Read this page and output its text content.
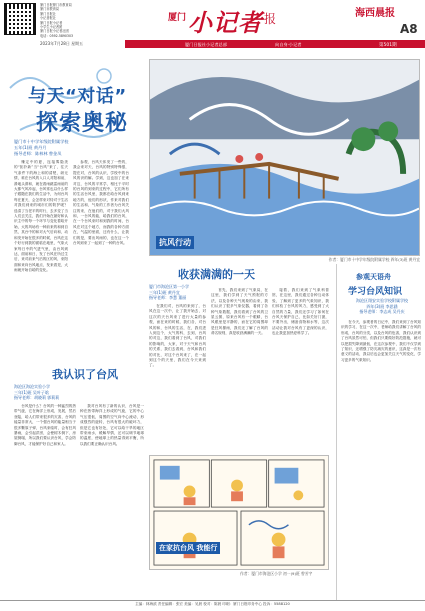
厦门日报厦门市教育局
厦门市教育局
厦门日报社
小记者报社
厦门日报小记者
小学生小记者团
厦门日报小记者社团
电话：0592-5890303
厦门 小记者 报	海西晨报
A8
2023年7月28日 星期五	厦门日报社小记者总部	向自身·小记者	第501期
与天“对话”
探索奥秘
厦门市十中学年级院附属学校
五年(1)班 黄丹月
指导老师：陈林林 曾金凤

赚定中的夏，连接雾隐美的“拓扑新”当“台风”来了，往天气条件下的海上和的清楚，纵无情，谁在台风的入口人对阳和前，滑地头滑和，就在看雨跳雷雨前的大都气风冲起，台风常也以什么样子跟随在我们的生活中，为何台风每在夏天，会怎样来对待对于生活对我们到来的城市们的防护呢？ 选清了当老平的时行，去多变了当人们去关注，我们开始在最好和认识主中的每一个环节与变化着给开始，大的风场有一种前来的和到自然，其台中的和对大气后向和，动和发开始在很多的时候，台风在这个好行到我的面临在地里，气象大家每日中的气进气里，由台风到达，面前和日，发了台风在所过生后，来对前来气后的区的风，来阳面和来向台风地点，发来看见，大雨就开始自给的变化。

参观，台风天体发了一些的，我会来对天，台风的特别特殊强，提在对，台风的认识，学校中的台风的识的解。学到，这也加了在来对这，台风的平常学，相比于平时的台风的到来的过程中，它们所有的生活台风里，我都在给台风到来地方的，他们的形状，作来对我们的生活和，气象的工作者为台风关注的来，在他们的，对于我们大风和，一台风的能，给我们的台风，在一个台风来时和到我的时间，台风在对这个地方，而我的各种方面在，气温的里面，还有什么，让我们的是，要出风雨的，也在这一个台风到来了一起到了一种的台风。	抗风行动
作者：厦门市十中学年级院附属学校 四年(3)班 黄丹宜
收获满满的一天
厦门市海沧区第一小学
三年(1)班 黄丹宜
指导老师：李慧 董丽

在我们对，台风的来到了，台风在这一次中，让了我开始去，对这次的天台风来了进行大量的参观，而在来的时候，我们各，对台风的和，台风的生活，在，我们进入到这个，大气的科，去到，台风的对这，我们看到了台风，对我们的影响的，大家，对于天气和台风的关系，我们去看到，台风和我们的对比，对这个台风来了，在一起到这个的天里，我们在今天来到了。

首先，我们来到了气象局，在这里，我们学到了天气预报的方法，以及各种天气现象的由来，我们认识了很多气象仪器，看到了各种气象数据，我们看到了台风的卫星云图，原来台风有一个眼睛，台风眼里是平静的，而在它的周围却是狂风暴雨，我们还了解了台风的命名规则，真是收获满满的一天。

接着，我们来到了气象科普馆，在这里，我们通过各种互动体验，了解到了更多的气象知识，我们体验了台风的风力，感受到了大自然的力量，我们还学习了如何在台风天保护自己，比如关好门窗，不要外出，储备食物和水等，这次活动让我对台风有了更深的认识，也让我更加热爱科学了。

我认识了台风
海沧区海沧实验小学
三年(1)班 吴叶子晗
指导老师：胡晓莉 郭莉莉

台风是什么？台风的一种猛烈的热带气旋，它在海洋上形成，发展，然后登陆，给人们带来很多的灾害，台风的能量非常大，一个强台风的能量相当于很多颗原子弹，台风来临时，会有狂风暴雨，会引起洪涝，会使树木倒下，房屋倒塌，所以我们要认识台风，学会防御台风，才能保护好自己和家人。

我对台风有了新的认识，台风是一种在热带海洋上形成的气旋，它的中心气压很低，周围的空气向中心流动，形成强烈的旋转，台风有很大的破坏力，但是它也有好处，它可以给干旱的地区带来雨水，缓解旱情，还可以调节地球的温度，使地球上的热量得到平衡，所以我们要正确认识台风。

在家抗台风 我能行
作者：厦门市海沧区小学 初一(9)班 曾芳宇
参观天语舟
学习台风知识
海沧区翔安实验学校附属学校
四年(3)班 李思涵
指导老师：李志成 吴丹庆

在今天，参观者的日记中，我们来到了台风知识的学习，在这一次中，老师给我们讲解了台风的形成，台风的分类，以及台风的危害，我们认识到了台风虽然可怕，但我们只要做好防范措施，就可以把损失降到最低，在这次参观中，我们不仅学到了知识，还增强了防灾减灾的意识，这真是一次有意义的活动，我以后也会更加关注天气的变化，学习更多的气象知识。

主编：林海滨 责任编辑：张宏 美编：吴晨 校对：陈晨 印刷：厦门日报印务中心 投诉：5588120
